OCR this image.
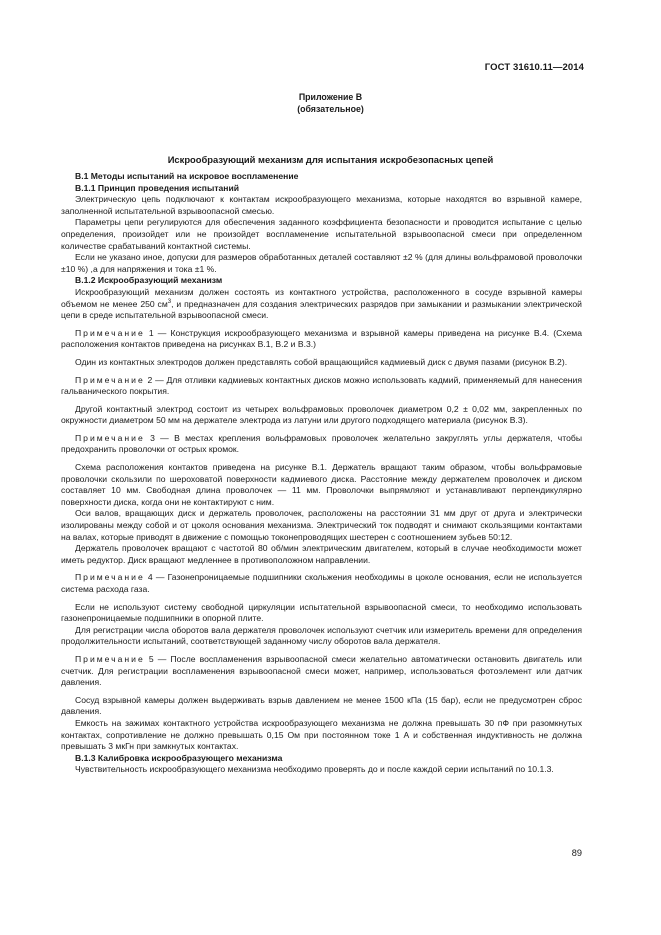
ГОСТ 31610.11—2014
Приложение В
(обязательное)
Искрообразующий механизм для испытания искробезопасных цепей
В.1 Методы испытаний на искровое воспламенение
В.1.1 Принцип проведения испытаний
Электрическую цепь подключают к контактам искрообразующего механизма, которые находятся во взрывной камере, заполненной испытательной взрывоопасной смесью.
Параметры цепи регулируются для обеспечения заданного коэффициента безопасности и проводится испытание с целью определения, произойдет или не произойдет воспламенение испытательной взрывоопасной смеси при определенном количестве срабатываний контактной системы.
Если не указано иное, допуски для размеров обработанных деталей составляют ±2 % (для длины вольфрамовой проволочки ±10 %) ,а для напряжения и тока ±1 %.
В.1.2 Искрообразующий механизм
Искрообразующий механизм должен состоять из контактного устройства, расположенного в сосуде взрывной камеры объемом не менее 250 $см^3$, и предназначен для создания электрических разрядов при замыкании и размыкании электрической цепи в среде испытательной взрывоопасной смеси.
Примечание 1 — Конструкция искрообразующего механизма и взрывной камеры приведена на рисунке В.4. (Схема расположения контактов приведена на рисунках В.1, В.2 и В.3.)
Один из контактных электродов должен представлять собой вращающийся кадмиевый диск с двумя пазами (рисунок В.2).
Примечание 2 — Для отливки кадмиевых контактных дисков можно использовать кадмий, применяемый для нанесения гальванического покрытия.
Другой контактный электрод состоит из четырех вольфрамовых проволочек диаметром 0,2 ± 0,02 мм, закрепленных по окружности диаметром 50 мм на держателе электрода из латуни или другого подходящего материала (рисунок В.3).
Примечание 3 — В местах крепления вольфрамовых проволочек желательно закруглять углы держателя, чтобы предохранить проволочки от острых кромок.
Схема расположения контактов приведена на рисунке В.1. Держатель вращают таким образом, чтобы вольфрамовые проволочки скользили по шероховатой поверхности кадмиевого диска. Расстояние между держателем проволочек и диском составляет 10 мм. Свободная длина проволочек — 11 мм. Проволочки выпрямляют и устанавливают перпендикулярно поверхности диска, когда они не контактируют с ним.
Оси валов, вращающих диск и держатель проволочек, расположены на расстоянии 31 мм друг от друга и электрически изолированы между собой и от цоколя основания механизма. Электрический ток подводят и снимают скользящими контактами на валах, которые приводят в движение с помощью токонепроводящих шестерен с соотношением зубьев 50:12.
Держатель проволочек вращают с частотой 80 об/мин электрическим двигателем, который в случае необходимости может иметь редуктор. Диск вращают медленнее в противоположном направлении.
Примечание 4 — Газонепроницаемые подшипники скольжения необходимы в цоколе основания, если не используется система расхода газа.
Если не используют систему свободной циркуляции испытательной взрывоопасной смеси, то необходимо использовать газонепроницаемые подшипники в опорной плите.
Для регистрации числа оборотов вала держателя проволочек используют счетчик или измеритель времени для определения продолжительности испытаний, соответствующей заданному числу оборотов вала держателя.
Примечание 5 — После воспламенения взрывоопасной смеси желательно автоматически остановить двигатель или счетчик. Для регистрации воспламенения взрывоопасной смеси может, например, использоваться фотоэлемент или датчик давления.
Сосуд взрывной камеры должен выдерживать взрыв давлением не менее 1500 кПа (15 бар), если не предусмотрен сброс давления.
Емкость на зажимах контактного устройства искрообразующего механизма не должна превышать 30 пФ при разомкнутых контактах, сопротивление не должно превышать 0,15 Ом при постоянном токе 1 А и собственная индуктивность не должна превышать 3 мкГн при замкнутых контактах.
В.1.3 Калибровка искрообразующего механизма
Чувствительность искрообразующего механизма необходимо проверять до и после каждой серии испытаний по 10.1.3.
89
